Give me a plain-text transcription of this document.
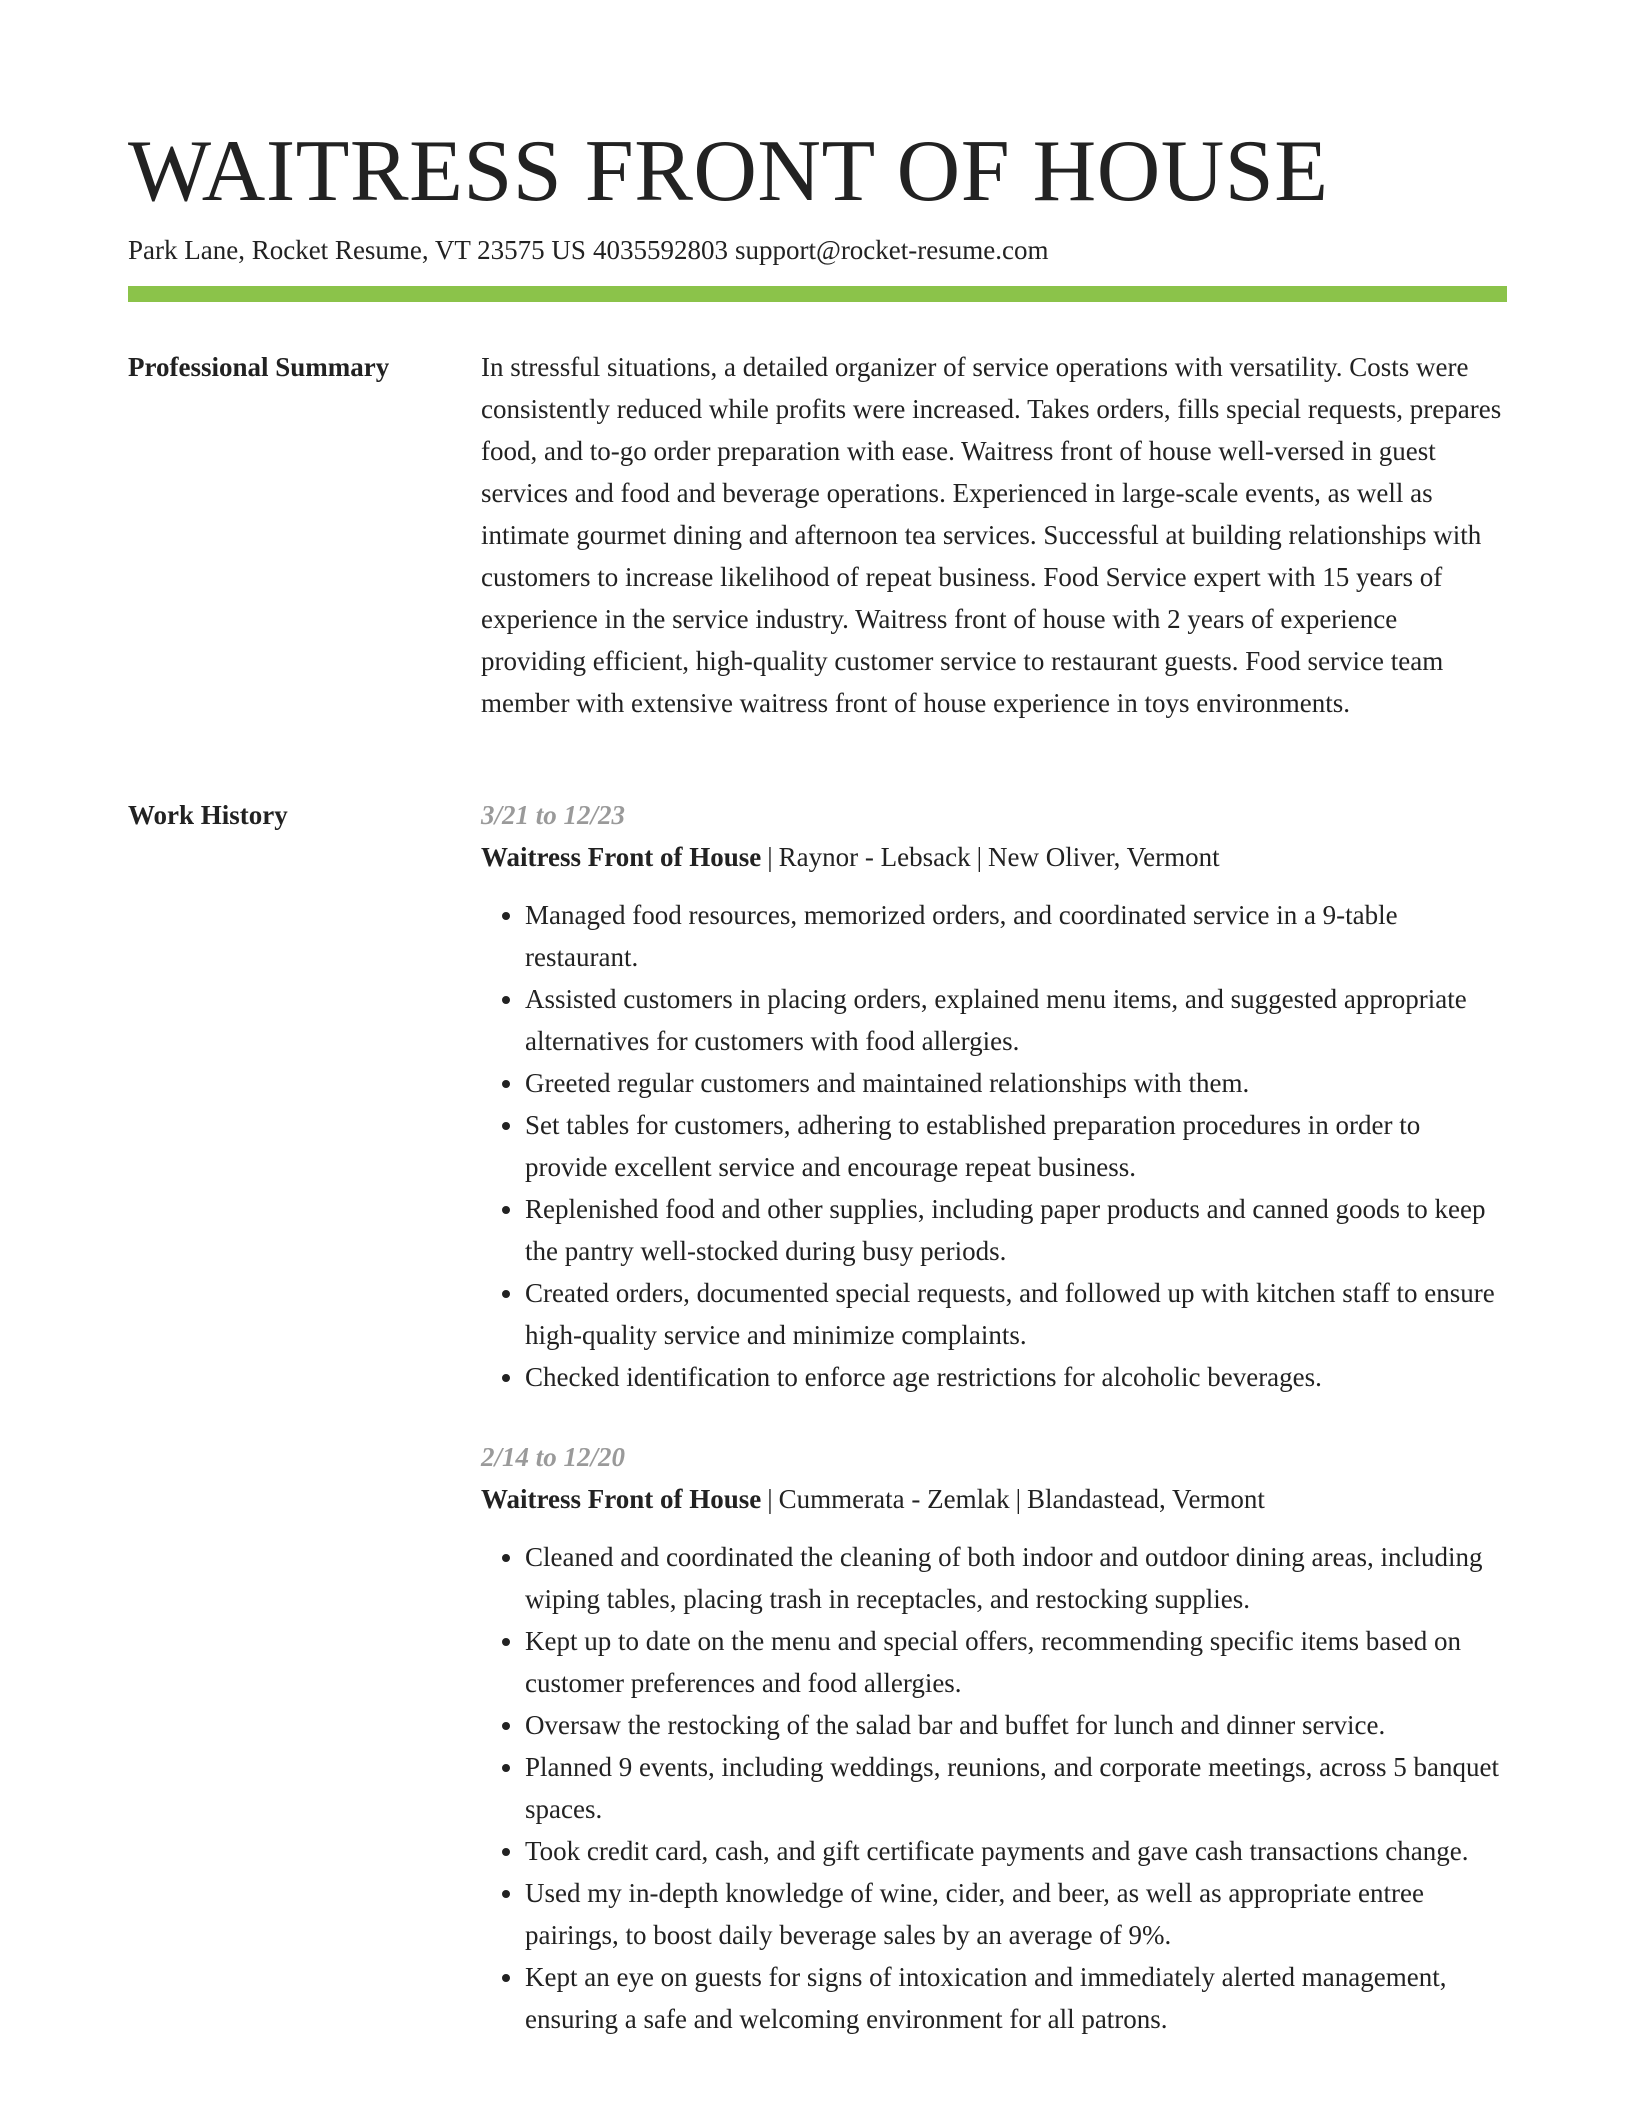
WAITRESS FRONT OF HOUSE
Park Lane, Rocket Resume, VT 23575 US 4035592803 support@rocket-resume.com
Professional Summary	In stressful situations, a detailed organizer of service operations with versatility. Costs were consistently reduced while profits were increased. Takes orders, fills special requests, prepares food, and to-go order preparation with ease. Waitress front of house well-versed in guest services and food and beverage operations. Experienced in large-scale events, as well as intimate gourmet dining and afternoon tea services. Successful at building relationships with customers to increase likelihood of repeat business. Food Service expert with 15 years of experience in the service industry. Waitress front of house with 2 years of experience providing efficient, high-quality customer service to restaurant guests. Food service team member with extensive waitress front of house experience in toys environments.

Work History	3/21 to 12/23
Waitress Front of House | Raynor - Lebsack | New Oliver, Vermont
• Managed food resources, memorized orders, and coordinated service in a 9-table restaurant.
• Assisted customers in placing orders, explained menu items, and suggested appropriate alternatives for customers with food allergies.
• Greeted regular customers and maintained relationships with them.
• Set tables for customers, adhering to established preparation procedures in order to provide excellent service and encourage repeat business.
• Replenished food and other supplies, including paper products and canned goods to keep the pantry well-stocked during busy periods.
• Created orders, documented special requests, and followed up with kitchen staff to ensure high-quality service and minimize complaints.
• Checked identification to enforce age restrictions for alcoholic beverages.
2/14 to 12/20
Waitress Front of House | Cummerata - Zemlak | Blandastead, Vermont
• Cleaned and coordinated the cleaning of both indoor and outdoor dining areas, including wiping tables, placing trash in receptacles, and restocking supplies.
• Kept up to date on the menu and special offers, recommending specific items based on customer preferences and food allergies.
• Oversaw the restocking of the salad bar and buffet for lunch and dinner service.
• Planned 9 events, including weddings, reunions, and corporate meetings, across 5 banquet spaces.
• Took credit card, cash, and gift certificate payments and gave cash transactions change.
• Used my in-depth knowledge of wine, cider, and beer, as well as appropriate entree pairings, to boost daily beverage sales by an average of 9%.
• Kept an eye on guests for signs of intoxication and immediately alerted management, ensuring a safe and welcoming environment for all patrons.
